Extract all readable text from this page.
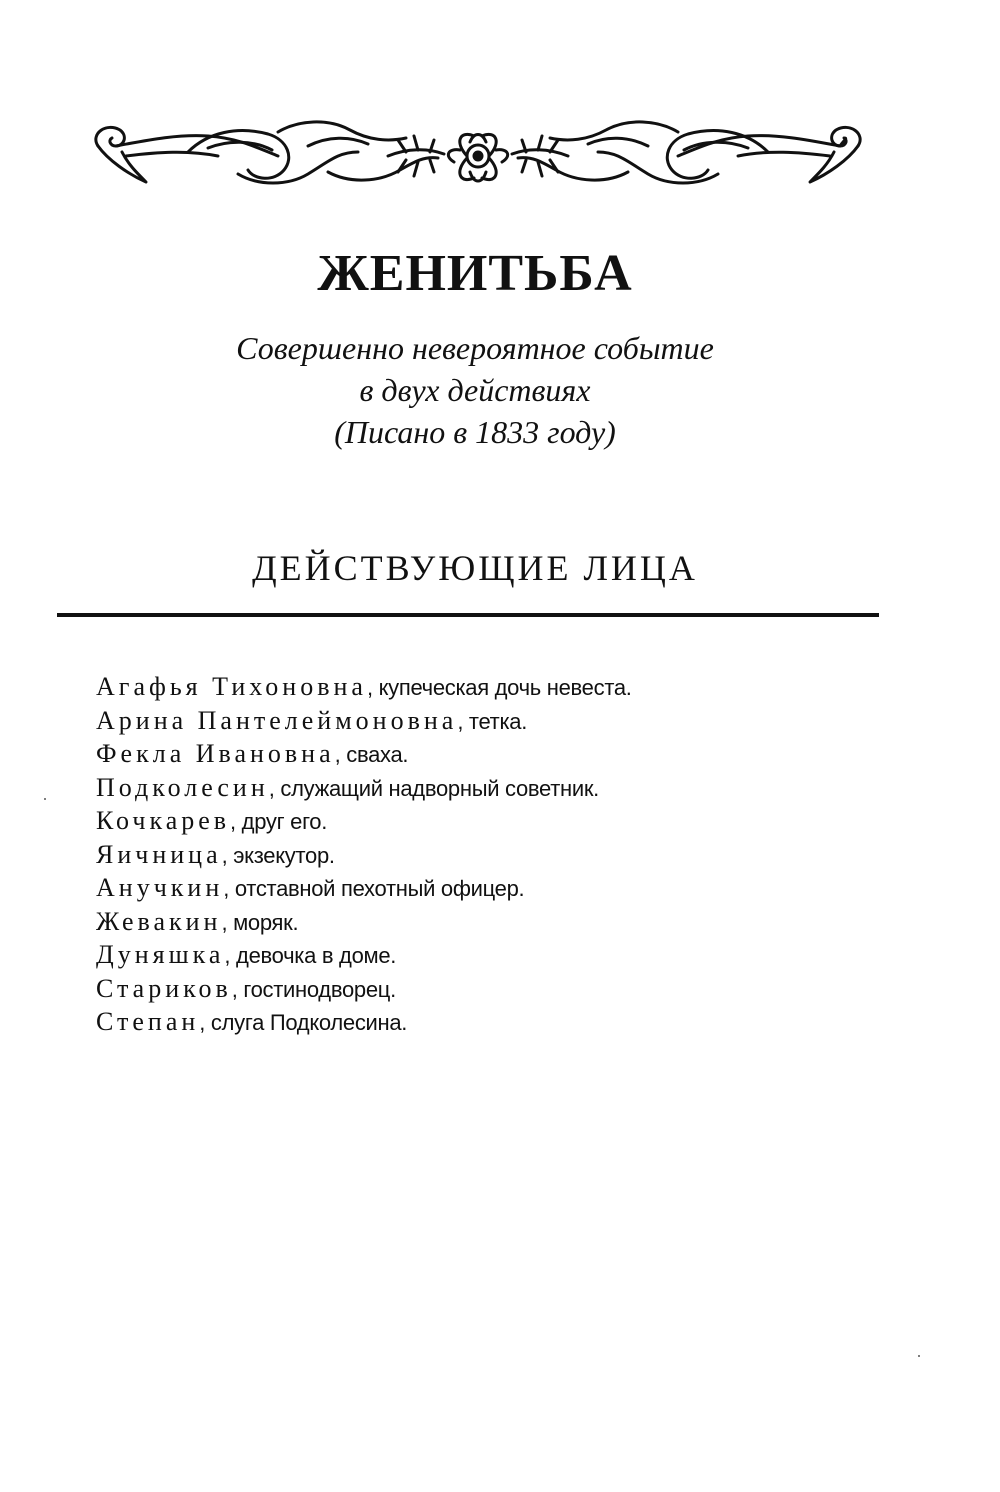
ЖЕНИТЬБА
Совершенно невероятное событие
в двух действиях
(Писано в 1833 году)
ДЕЙСТВУЮЩИЕ ЛИЦА
Агафья Тихоновна, купеческая дочь невеста.
Арина Пантелеймоновна, тетка.
Фекла Ивановна, сваха.
Подколесин, служащий надворный советник.
Кочкарев, друг его.
Яичница, экзекутор.
Анучкин, отставной пехотный офицер.
Жевакин, моряк.
Дуняшка, девочка в доме.
Стариков, гостинодворец.
Степан, слуга Подколесина.
